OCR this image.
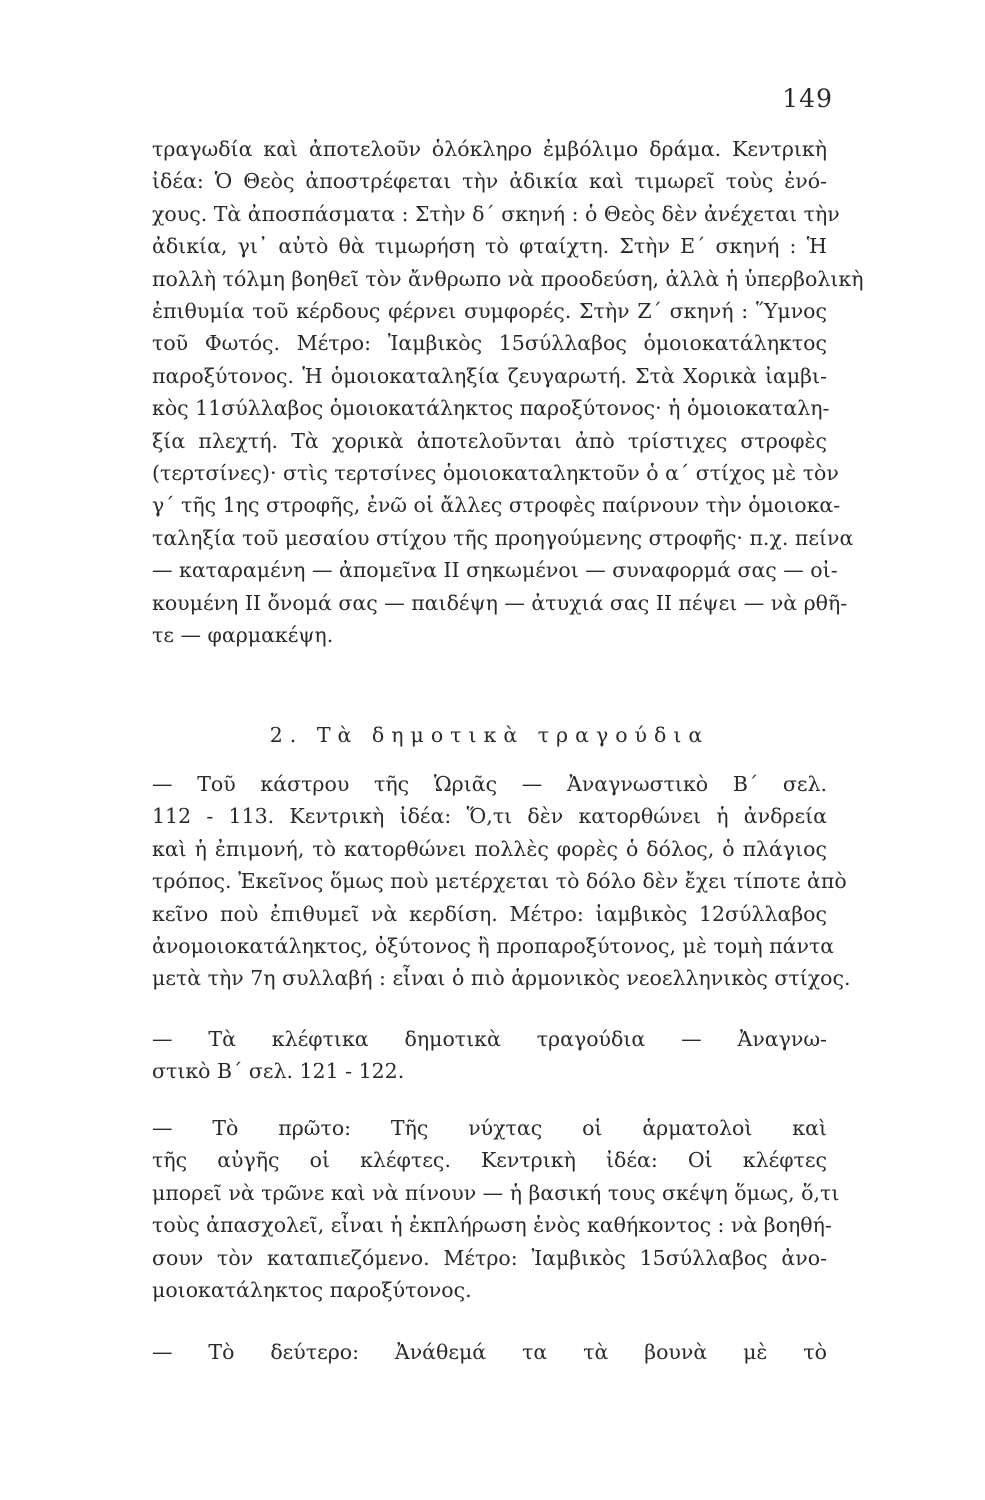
149
τραγωδία καὶ ἀποτελοῦν ὁλόκληρο ἐμβόλιμο δράμα. Κεντρικὴ
ἰδέα: Ὁ Θεὸς ἀποστρέφεται τὴν ἀδικία καὶ τιμωρεῖ τοὺς ἐνό-
χους. Τὰ ἀποσπάσματα : Στὴν δ΄ σκηνή : ὁ Θεὸς δὲν ἀνέχεται τὴν
ἀδικία, γι᾿ αὐτὸ θὰ τιμωρήση τὸ φταίχτη. Στὴν Ε΄ σκηνή : Ἡ
πολλὴ τόλμη βοηθεῖ τὸν ἄνθρωπο νὰ προοδεύση, ἀλλὰ ἡ ὑπερβολικὴ
ἐπιθυμία τοῦ κέρδους φέρνει συμφορές. Στὴν Ζ΄ σκηνή : Ὕμνος
τοῦ Φωτός. Μέτρο: Ἰαμβικὸς 15σύλλαβος ὁμοιοκατάληκτος
παροξύτονος. Ἡ ὁμοιοκαταληξία ζευγαρωτή. Στὰ Χορικὰ ἰαμβι-
κὸς 11σύλλαβος ὁμοιοκατάληκτος παροξύτονος· ἡ ὁμοιοκαταλη-
ξία πλεχτή. Τὰ χορικὰ ἀποτελοῦνται ἀπὸ τρίστιχες στροφὲς
(τερτσίνες)· στὶς τερτσίνες ὁμοιοκαταληκτοῦν ὁ α΄ στίχος μὲ τὸν
γ΄ τῆς 1ης στροφῆς, ἐνῶ οἱ ἄλλες στροφὲς παίρνουν τὴν ὁμοιοκα-
ταληξία τοῦ μεσαίου στίχου τῆς προηγούμενης στροφῆς· π.χ. πείνα
— καταραμένη — ἀπομεῖνα ΙΙ σηκωμένοι — συναφορμά σας — οἰ-
κουμένη ΙΙ ὄνομά σας — παιδέψη — ἀτυχιά σας ΙΙ πέψει — νὰ ρθῆ-
τε — φαρμακέψη.
2. Τὰ δημοτικὰ τραγούδια
— Τοῦ κάστρου τῆς Ὡριᾶς — Ἀναγνωστικὸ Β΄ σελ.
112 - 113. Κεντρικὴ ἰδέα: Ὅ,τι δὲν κατορθώνει ἡ ἀνδρεία
καὶ ἡ ἐπιμονή, τὸ κατορθώνει πολλὲς φορὲς ὁ δόλος, ὁ πλάγιος
τρόπος. Ἐκεῖνος ὅμως ποὺ μετέρχεται τὸ δόλο δὲν ἔχει τίποτε ἀπὸ
κεῖνο ποὺ ἐπιθυμεῖ νὰ κερδίση. Μέτρο: ἰαμβικὸς 12σύλλαβος
ἀνομοιοκατάληκτος, ὀξύτονος ἢ προπαροξύτονος, μὲ τομὴ πάντα
μετὰ τὴν 7η συλλαβή : εἶναι ὁ πιὸ ἁρμονικὸς νεοελληνικὸς στίχος.
— Τὰ κλέφτικα δημοτικὰ τραγούδια — Ἀναγνω-
στικὸ Β΄ σελ. 121 - 122.
— Τὸ πρῶτο: Τῆς νύχτας οἱ ἁρματολοὶ καὶ
τῆς αὐγῆς οἱ κλέφτες. Κεντρικὴ ἰδέα: Οἱ κλέφτες
μπορεῖ νὰ τρῶνε καὶ νὰ πίνουν — ἡ βασική τους σκέψη ὅμως, ὅ,τι
τοὺς ἀπασχολεῖ, εἶναι ἡ ἐκπλήρωση ἑνὸς καθήκοντος : νὰ βοηθή-
σουν τὸν καταπιεζόμενο. Μέτρο: Ἰαμβικὸς 15σύλλαβος ἀνο-
μοιοκατάληκτος παροξύτονος.
— Τὸ δεύτερο: Ἀνάθεμά τα τὰ βουνὰ μὲ τὸ
